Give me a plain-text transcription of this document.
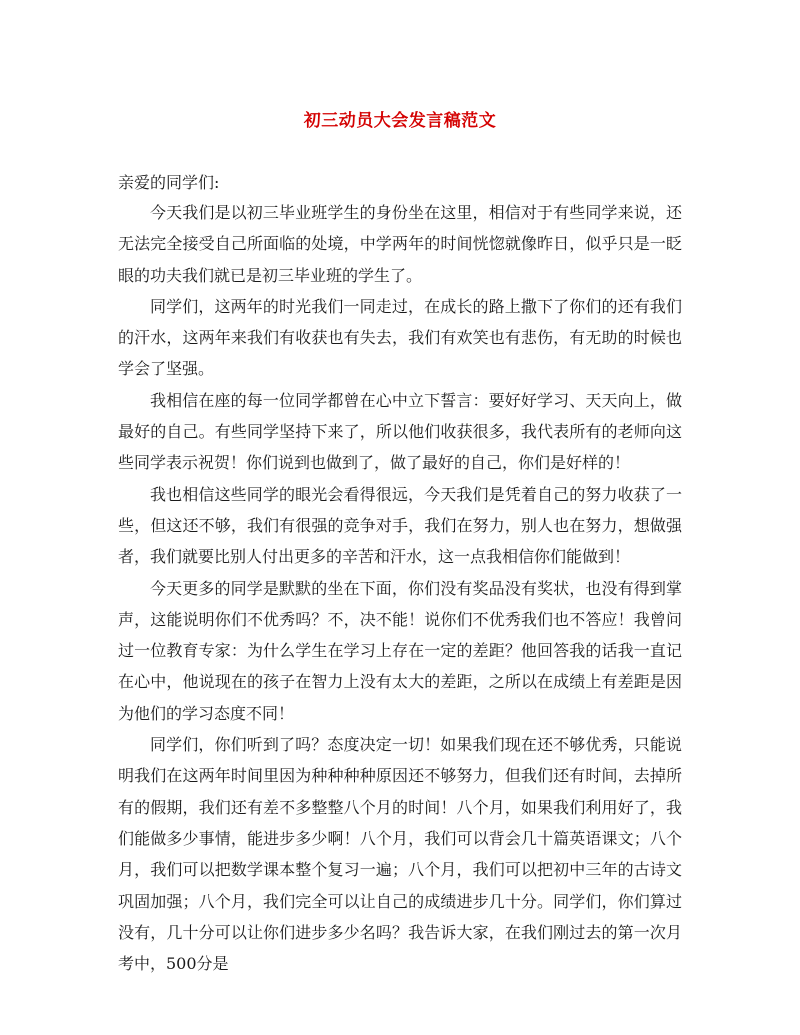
初三动员大会发言稿范文
亲爱的同学们:

今天我们是以初三毕业班学生的身份坐在这里，相信对于有些同学来说，还无法完全接受自己所面临的处境，中学两年的时间恍惚就像昨日，似乎只是一眨眼的功夫我们就已是初三毕业班的学生了。

同学们，这两年的时光我们一同走过，在成长的路上撒下了你们的还有我们的汗水，这两年来我们有收获也有失去，我们有欢笑也有悲伤，有无助的时候也学会了坚强。

我相信在座的每一位同学都曾在心中立下誓言：要好好学习、天天向上，做最好的自己。有些同学坚持下来了，所以他们收获很多，我代表所有的老师向这些同学表示祝贺！你们说到也做到了，做了最好的自己，你们是好样的！

我也相信这些同学的眼光会看得很远，今天我们是凭着自己的努力收获了一些，但这还不够，我们有很强的竞争对手，我们在努力，别人也在努力，想做强者，我们就要比别人付出更多的辛苦和汗水，这一点我相信你们能做到！

今天更多的同学是默默的坐在下面，你们没有奖品没有奖状，也没有得到掌声，这能说明你们不优秀吗？不，决不能！说你们不优秀我们也不答应！我曾问过一位教育专家：为什么学生在学习上存在一定的差距？他回答我的话我一直记在心中，他说现在的孩子在智力上没有太大的差距，之所以在成绩上有差距是因为他们的学习态度不同！

同学们，你们听到了吗？态度决定一切！如果我们现在还不够优秀，只能说明我们在这两年时间里因为种种种种原因还不够努力，但我们还有时间，去掉所有的假期，我们还有差不多整整八个月的时间！八个月，如果我们利用好了，我们能做多少事情，能进步多少啊！八个月，我们可以背会几十篇英语课文；八个月，我们可以把数学课本整个复习一遍；八个月，我们可以把初中三年的古诗文巩固加强；八个月，我们完全可以让自己的成绩进步几十分。同学们，你们算过没有，几十分可以让你们进步多少名吗？我告诉大家，在我们刚过去的第一次月考中，500分是
